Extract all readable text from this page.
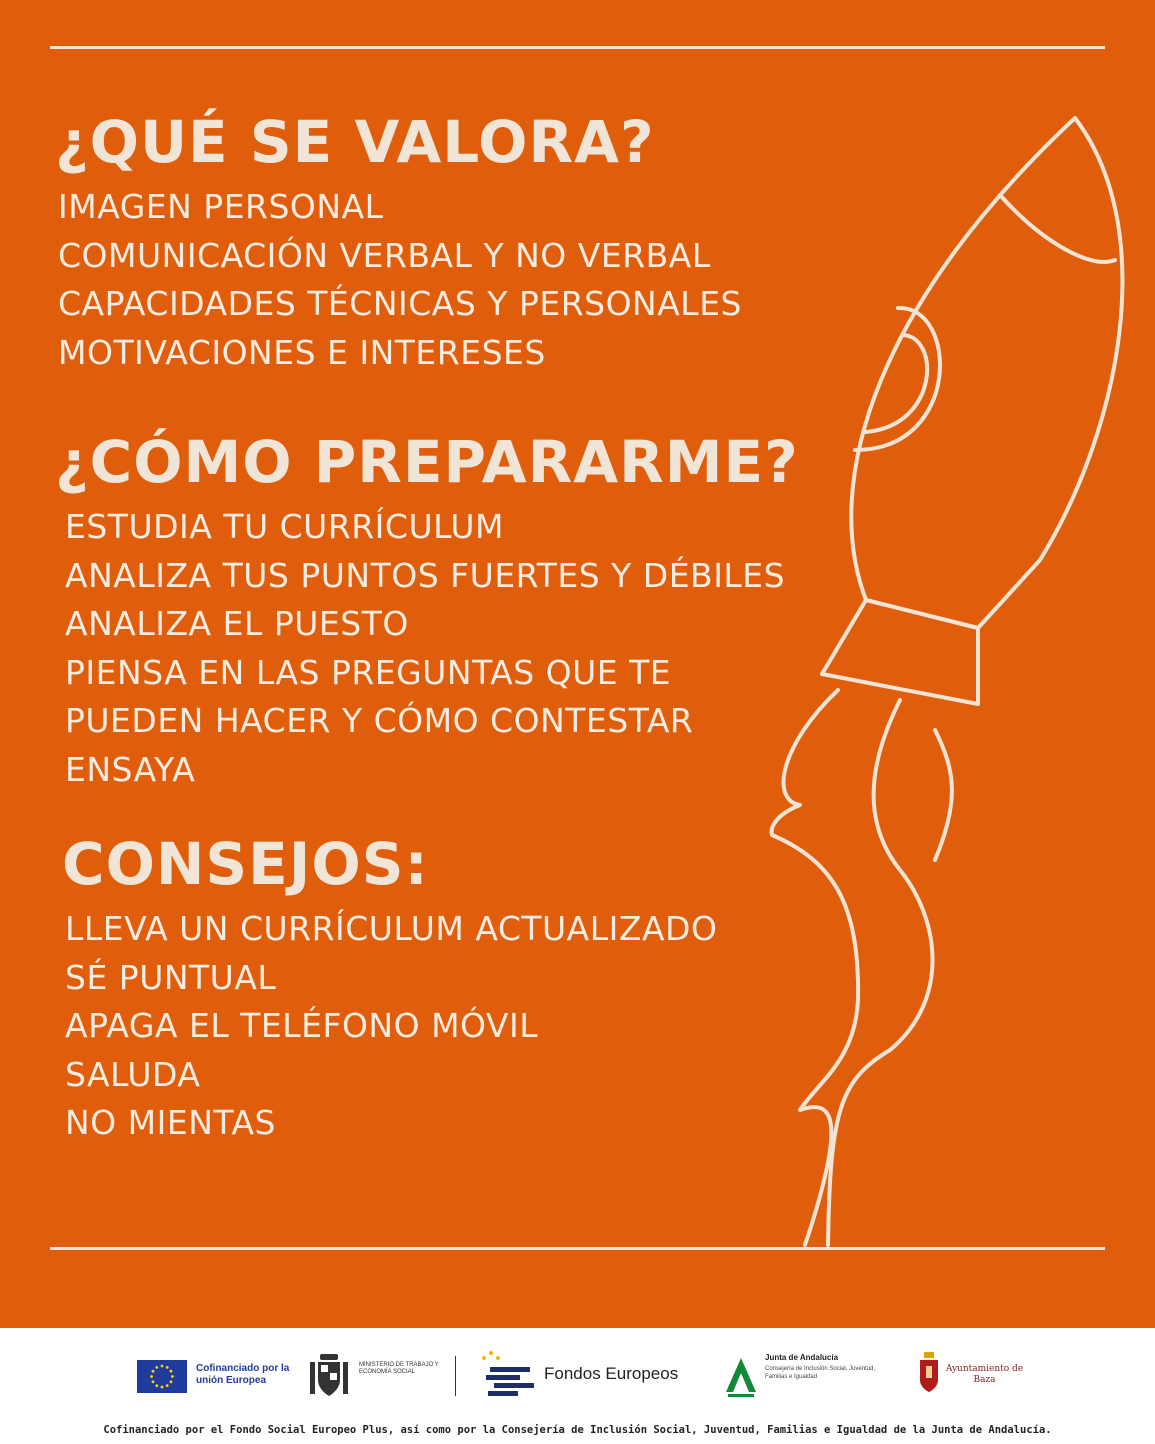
¿QUÉ SE VALORA?
IMAGEN PERSONAL
COMUNICACIÓN VERBAL Y NO VERBAL
CAPACIDADES TÉCNICAS Y PERSONALES
MOTIVACIONES E INTERESES
¿CÓMO PREPARARME?
ESTUDIA TU CURRÍCULUM
ANALIZA TUS PUNTOS FUERTES Y DÉBILES
ANALIZA EL PUESTO
PIENSA EN LAS PREGUNTAS QUE TE
PUEDEN HACER Y CÓMO CONTESTAR
ENSAYA
CONSEJOS:
LLEVA UN CURRÍCULUM ACTUALIZADO
SÉ PUNTUAL
APAGA EL TELÉFONO MÓVIL
SALUDA
NO MIENTAS
Cofinanciado por la unión Europea
MINISTERIO DE TRABAJO Y ECONOMÍA SOCIAL	Fondos Europeos
Junta de Andalucía
Consejería de Inclusión Social, Juventud, Familias e Igualdad
Ayuntamiento de Baza
Cofinanciado por el Fondo Social Europeo Plus, así como por la Consejería de Inclusión Social, Juventud, Familias e Igualdad de la Junta de Andalucía.
